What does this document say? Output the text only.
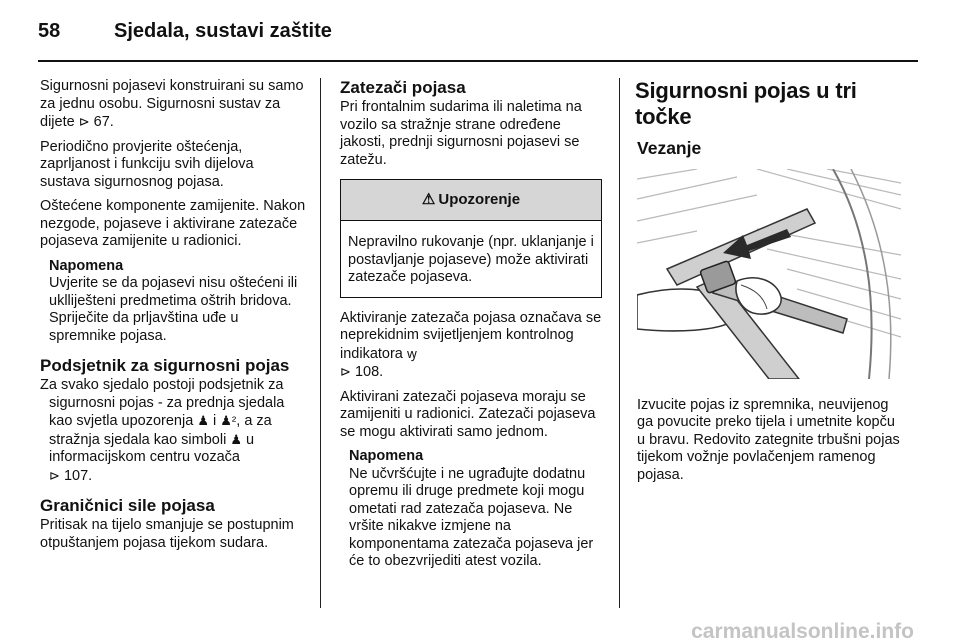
58	Sjedala, sustavi zaštite

Sigurnosni pojasevi konstruirani su samo za jednu osobu. Sigurnosni sustav za dijete ⊳ 67.

Periodično provjerite oštećenja, zaprljanost i funkciju svih dijelova sustava sigurnosnog pojasa.

Oštećene komponente zamijenite. Nakon nezgode, pojaseve i aktivirane zatezače pojaseva zamijenite u radionici.

Napomena
Uvjerite se da pojasevi nisu oštećeni ili uklliješteni predmetima oštrih bridova. Spriječite da prljavština uđe u spremnike pojasa.
Podsjetnik za sigurnosni pojas

Za svako sjedalo postoji podsjetnik za sigurnosni pojas - za prednja sjedala kao svjetla upozorenja ♟ i ♟², a za stražnja sjedala kao simboli ♟ u informacijskom centru vozača
⊳ 107.

Graničnici sile pojasa

Pritisak na tijelo smanjuje se postupnim otpuštanjem pojasa tijekom sudara.

Zatezači pojasa

Pri frontalnim sudarima ili naletima na vozilo sa stražnje strane određene jakosti, prednji sigurnosni pojasevi se zatežu.

⚠ Upozorenje
Nepravilno rukovanje (npr. uklanjanje i postavljanje pojaseve) može aktivirati zatezače pojaseva.

Aktiviranje zatezača pojasa označava se neprekidnim svijetljenjem kontrolnog indikatora ꝡ
⊳ 108.

Aktivirani zatezači pojaseva moraju se zamijeniti u radionici. Zatezači pojaseva se mogu aktivirati samo jednom.

Napomena
Ne učvršćujte i ne ugrađujte dodatnu opremu ili druge predmete koji mogu ometati rad zatezača pojaseva. Ne vršite nikakve izmjene na komponentama zatezača pojaseva jer će to obezvrijediti atest vozila.
Sigurnosni pojas u tri točke
Vezanje

Izvucite pojas iz spremnika, neuvijenog ga povucite preko tijela i umetnite kopču u bravu. Redovito zategnite trbušni pojas tijekom vožnje povlačenjem ramenog pojasa.

carmanualsonline.info
